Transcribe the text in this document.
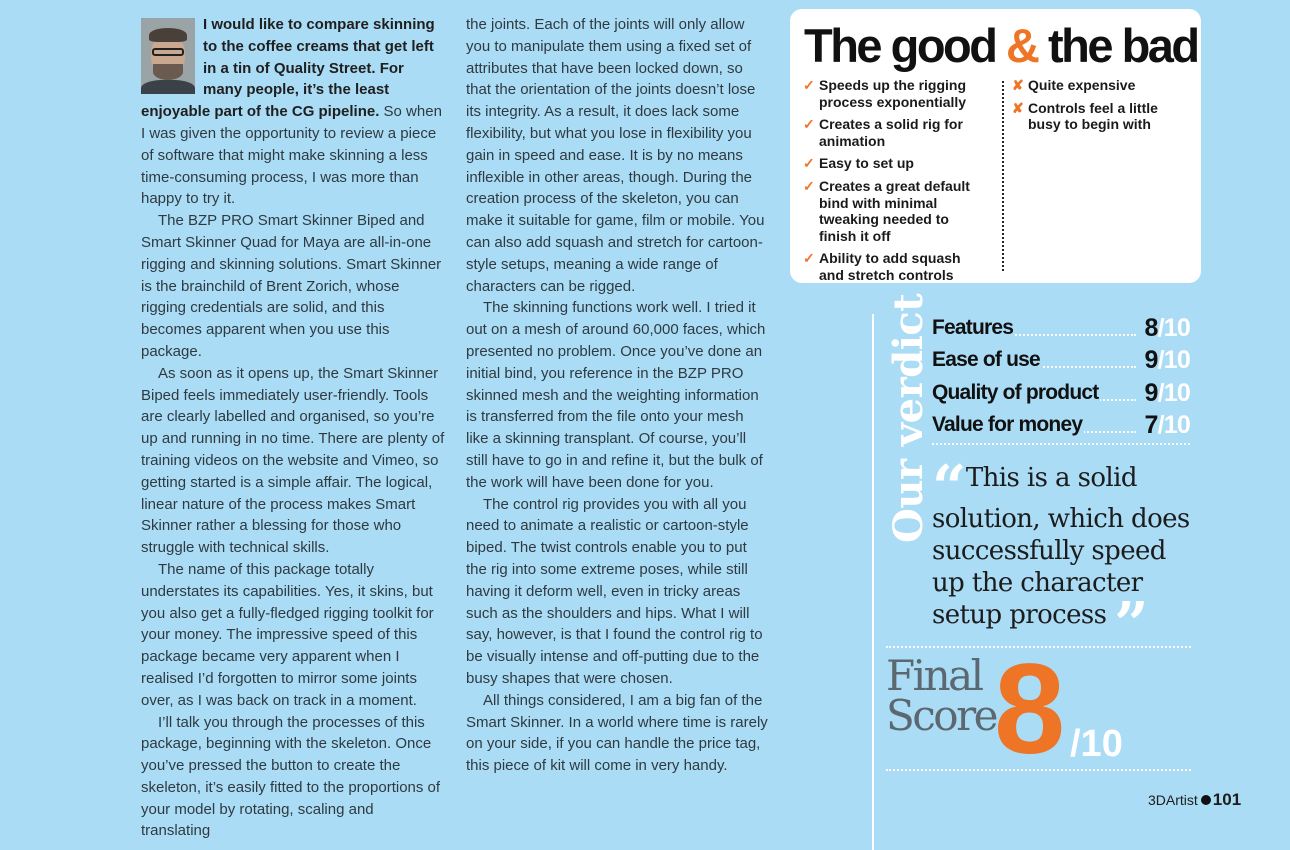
I would like to compare skinning to the coffee creams that get left in a tin of Quality Street. For many people, it’s the least enjoyable part of the CG pipeline. So when I was given the opportunity to review a piece of software that might make skinning a less time-consuming process, I was more than happy to try it.

The BZP PRO Smart Skinner Biped and Smart Skinner Quad for Maya are all-in-one rigging and skinning solutions. Smart Skinner is the brainchild of Brent Zorich, whose rigging credentials are solid, and this becomes apparent when you use this package.

As soon as it opens up, the Smart Skinner Biped feels immediately user-friendly. Tools are clearly labelled and organised, so you’re up and running in no time. There are plenty of training videos on the website and Vimeo, so getting started is a simple affair. The logical, linear nature of the process makes Smart Skinner rather a blessing for those who struggle with technical skills.

The name of this package totally understates its capabilities. Yes, it skins, but you also get a fully-fledged rigging toolkit for your money. The impressive speed of this package became very apparent when I realised I’d forgotten to mirror some joints over, as I was back on track in a moment.

I’ll talk you through the processes of this package, beginning with the skeleton. Once you’ve pressed the button to create the skeleton, it’s easily fitted to the proportions of your model by rotating, scaling and translating

the joints. Each of the joints will only allow you to manipulate them using a fixed set of attributes that have been locked down, so that the orientation of the joints doesn’t lose its integrity. As a result, it does lack some flexibility, but what you lose in flexibility you gain in speed and ease. It is by no means inflexible in other areas, though. During the creation process of the skeleton, you can make it suitable for game, film or mobile. You can also add squash and stretch for cartoon-style setups, meaning a wide range of characters can be rigged.

The skinning functions work well. I tried it out on a mesh of around 60,000 faces, which presented no problem. Once you’ve done an initial bind, you reference in the BZP PRO skinned mesh and the weighting information is transferred from the file onto your mesh like a skinning transplant. Of course, you’ll still have to go in and refine it, but the bulk of the work will have been done for you.

The control rig provides you with all you need to animate a realistic or cartoon-style biped. The twist controls enable you to put the rig into some extreme poses, while still having it deform well, even in tricky areas such as the shoulders and hips. What I will say, however, is that I found the control rig to be visually intense and off-putting due to the busy shapes that were chosen.

All things considered, I am a big fan of the Smart Skinner. In a world where time is rarely on your side, if you can handle the price tag, this piece of kit will come in very handy.

The good & the bad
✓ Speeds up the rigging process exponentially
✓ Creates a solid rig for animation
✓ Easy to set up
✓ Creates a great default bind with minimal tweaking needed to finish it off
✓ Ability to add squash and stretch controls
✘ Quite expensive
✘ Controls feel a little busy to begin with
Our verdict Features	8/10
Ease of use	9/10
Quality of product 9/10
Value for money 7/10
“This is a solid solution, which does successfully speed up the character setup process ”
Final Score
8 /10
3DArtist 101
